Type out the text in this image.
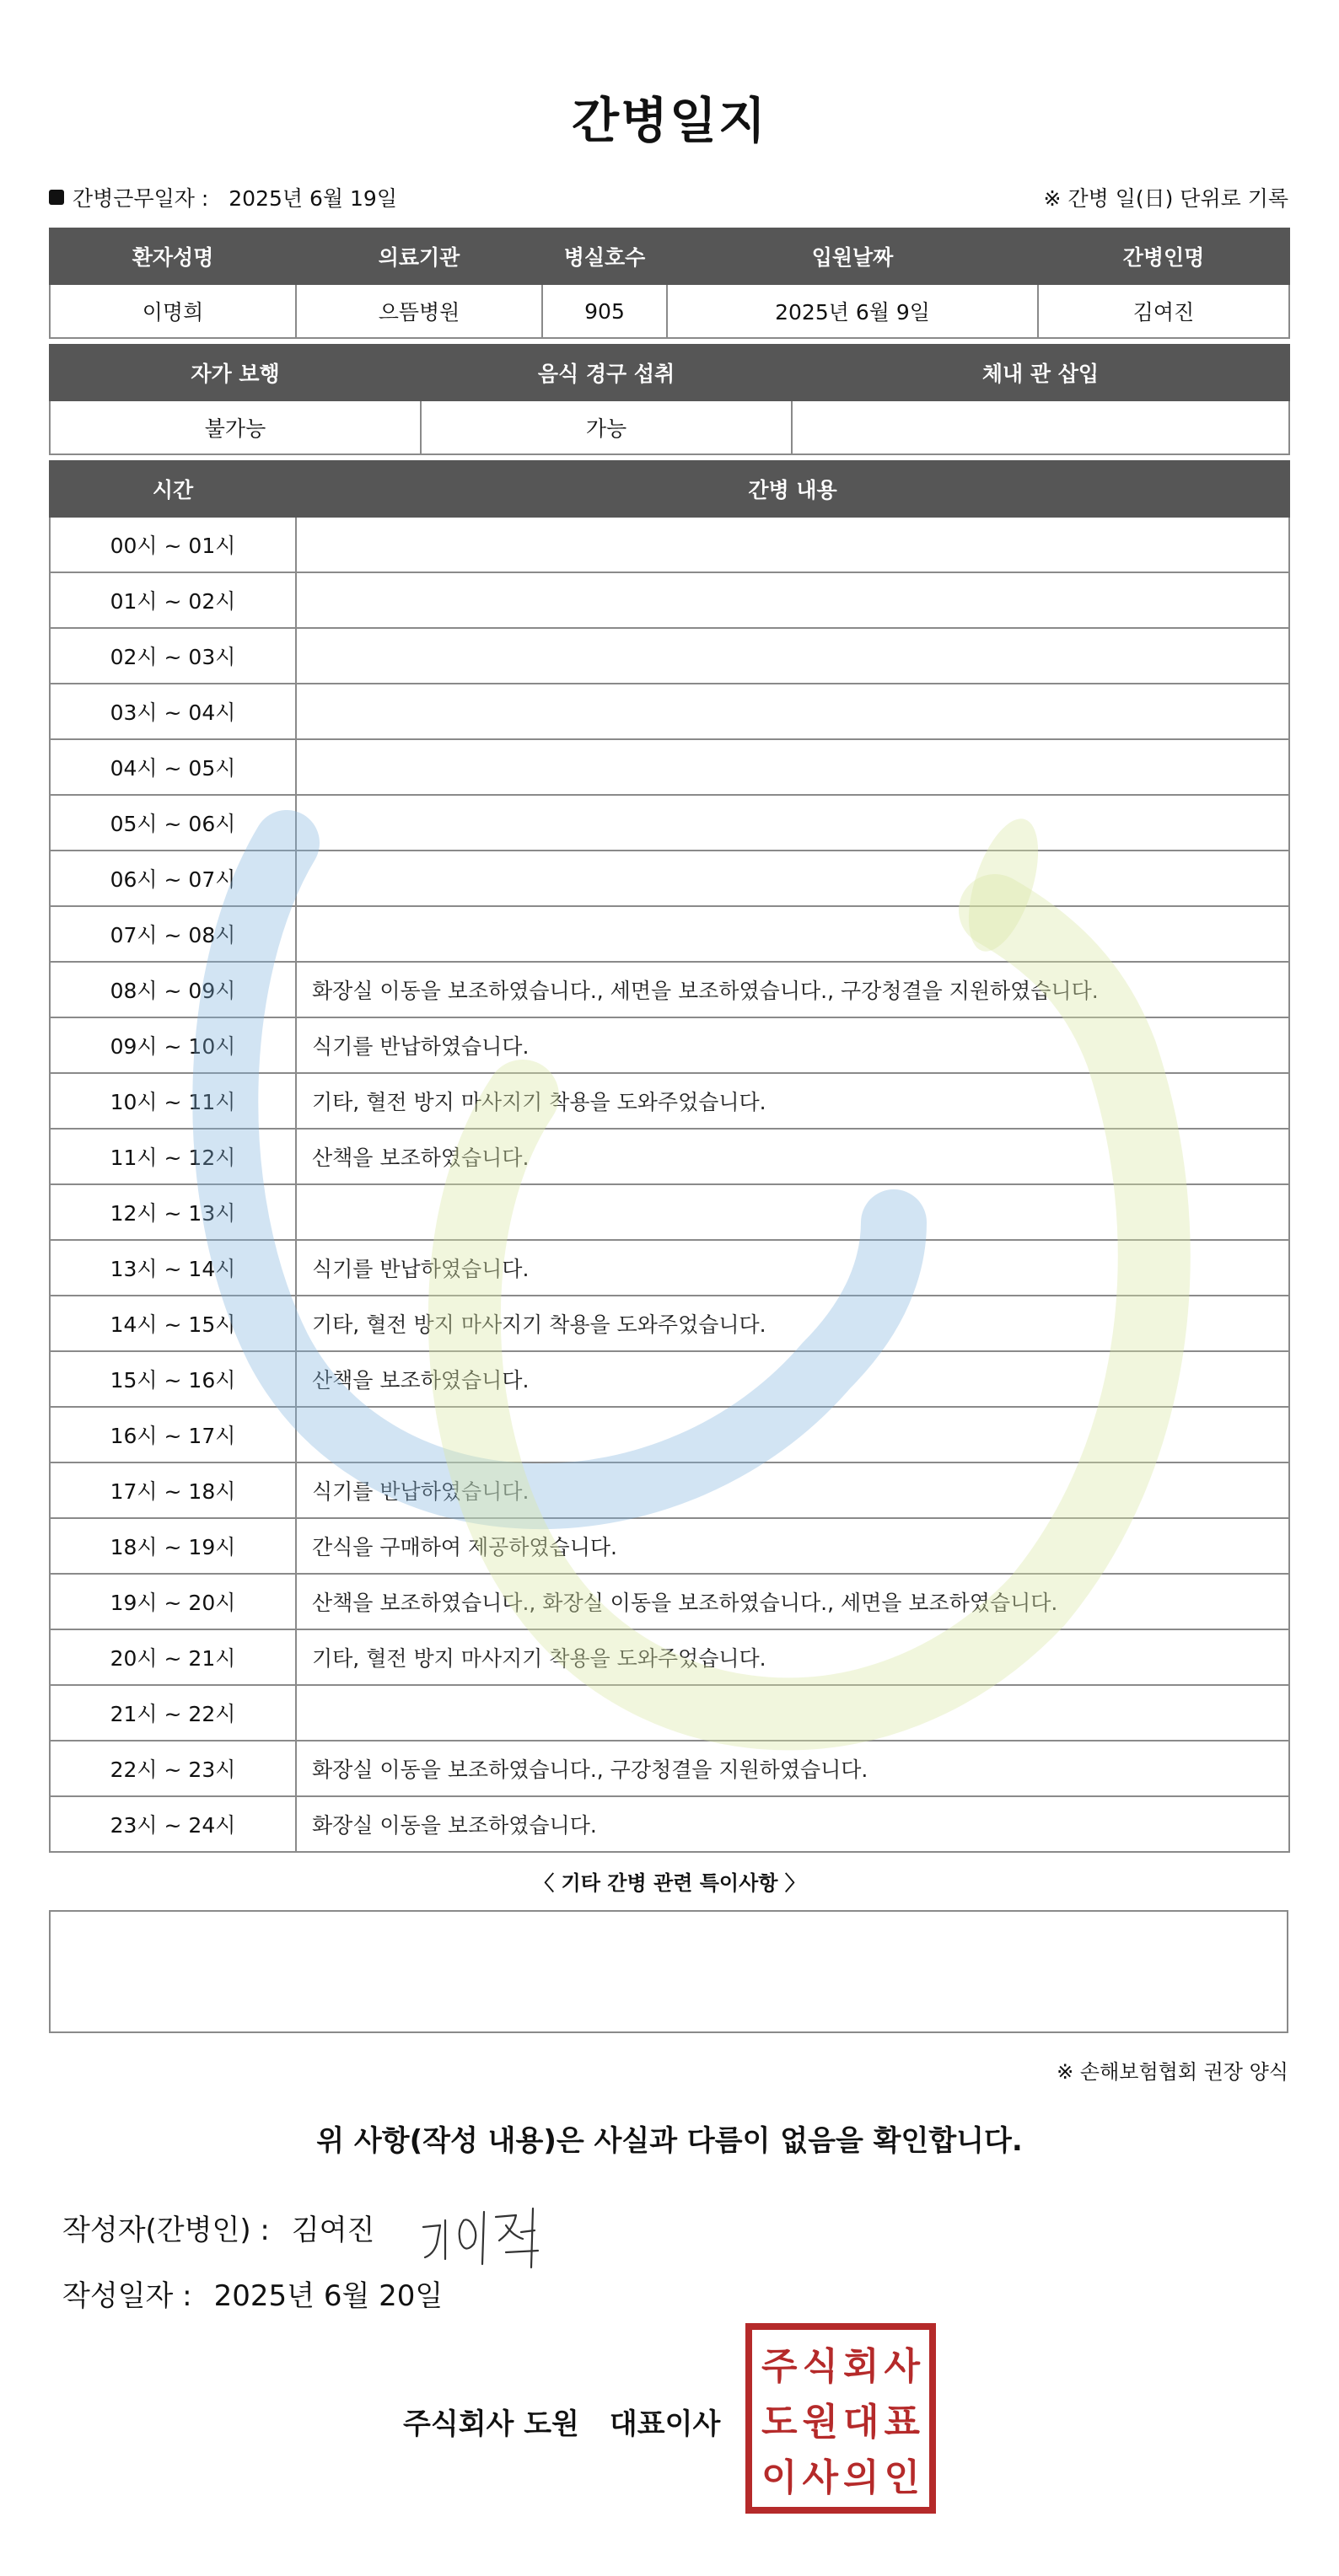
간병일지
간병근무일자 : 2025년 6월 19일	※ 간병 일(日) 단위로 기록
환자성명	의료기관	병실호수	입원날짜	간병인명
이명희	으뜸병원	905	2025년 6월 9일	김여진
자가 보행	음식 경구 섭취	체내 관 삽입
불가능	가능	
시간	간병 내용
00시 ~ 01시	
01시 ~ 02시	
02시 ~ 03시	
03시 ~ 04시	
04시 ~ 05시	
05시 ~ 06시	
06시 ~ 07시	
07시 ~ 08시	
08시 ~ 09시	화장실 이동을 보조하였습니다., 세면을 보조하였습니다., 구강청결을 지원하였습니다.
09시 ~ 10시	식기를 반납하였습니다.
10시 ~ 11시	기타, 혈전 방지 마사지기 착용을 도와주었습니다.
11시 ~ 12시	산책을 보조하였습니다.
12시 ~ 13시	
13시 ~ 14시	식기를 반납하였습니다.
14시 ~ 15시	기타, 혈전 방지 마사지기 착용을 도와주었습니다.
15시 ~ 16시	산책을 보조하였습니다.
16시 ~ 17시	
17시 ~ 18시	식기를 반납하였습니다.
18시 ~ 19시	간식을 구매하여 제공하였습니다.
19시 ~ 20시	산책을 보조하였습니다., 화장실 이동을 보조하였습니다., 세면을 보조하였습니다.
20시 ~ 21시	기타, 혈전 방지 마사지기 착용을 도와주었습니다.
21시 ~ 22시	
22시 ~ 23시	화장실 이동을 보조하였습니다., 구강청결을 지원하였습니다.
23시 ~ 24시	화장실 이동을 보조하였습니다.
〈 기타 간병 관련 특이사항 〉
※ 손해보험협회 권장 양식
위 사항(작성 내용)은 사실과 다름이 없음을 확인합니다.
작성자(간병인) : 김여진
작성일자 : 2025년 6월 20일
주식회사 도원 대표이사
주 식 회 사
도 원 대 표
이 사 의 인
